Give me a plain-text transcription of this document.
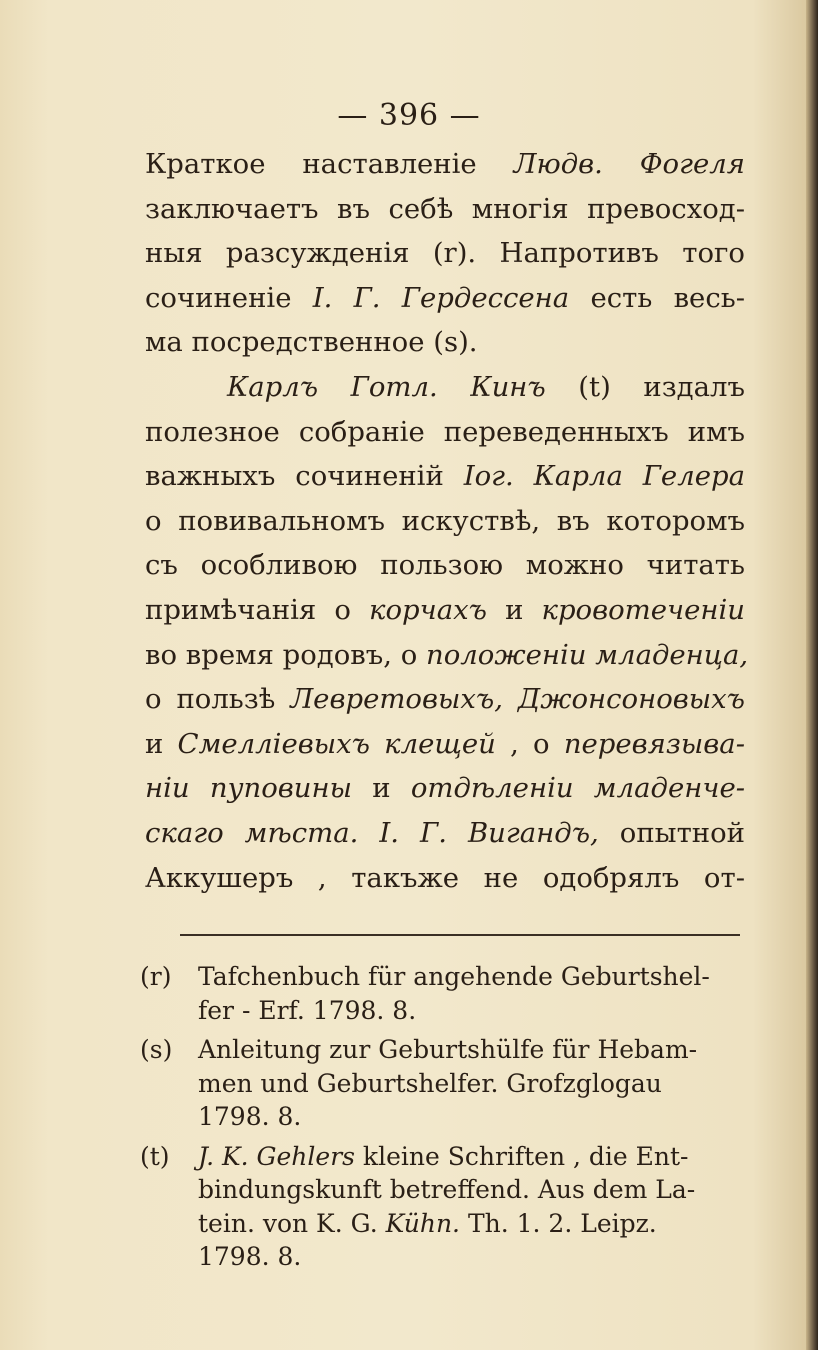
— 396 —
Краткое наставленіе Людв. Фогеля
заключаетъ въ себѣ многія превосход-
ныя разсужденія (r). Напротивъ того
сочиненіе I. Г. Гердессена есть весь-
ма посредственное (s).
Карлъ Готл. Кинъ (t) издалъ
полезное собраніе переведенныхъ имъ
важныхъ сочиненій Іог. Карла Гелера
о повивальномъ искуствѣ, въ которомъ
съ особливою пользою можно читать
примѣчанія о корчахъ и кровотеченіи
во время родовъ, о положеніи младенца,
о пользѣ Левретовыхъ, Джонсоновыхъ
и Смелліевыхъ клещей , о перевязыва-
ніи пуповины и отдѣленіи младенче-
скаго мѣста. I. Г. Вигандъ, опытной
Аккушеръ , такъже не одобрялъ от-
(r) Tafchenbuch für angehende Geburtshel-
fer - Erf. 1798. 8.
(s) Anleitung zur Geburtshülfe für Hebam-
men und Geburtshelfer. Grofzglogau
1798. 8.
(t) J. K. Gehlers kleine Schriften , die Ent-
bindungskunft betreffend. Aus dem La-
tein. von K. G. Kühn. Th. 1. 2. Leipz.
1798. 8.
